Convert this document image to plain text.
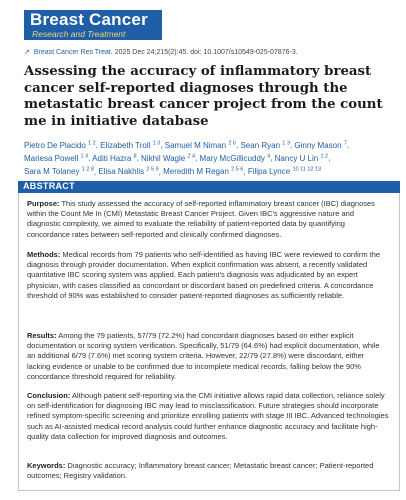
Breast Cancer
Research and Treatment
↗ Breast Cancer Res Treat. 2025 Dec 24;215(2):45. doi: 10.1007/s10549-025-07876-3.
Assessing the accuracy of inflammatory breast cancer self-reported diagnoses through the metastatic breast cancer project from the count me in initiative database
Pietro De Placido $^{1 2}$, Elizabeth Troll $^{1 3}$, Samuel M Niman $^{2 6}$, Sean Ryan $^{1 3}$, Ginny Mason $^7$, Mariesa Powell $^{1 3}$, Aditi Hazra $^8$, Nikhil Wagle $^{2 4}$, Mary McGillicuddy $^4$, Nancy U Lin $^{1 2}$, Sara M Tolaney $^{1 2 8}$, Elisa Nakhlis $^{2 5 9}$, Meredith M Regan $^{2 5 6}$, Filipa Lynce $^{10 11 12 13}$
ABSTRACT

Purpose: This study assessed the accuracy of self-reported inflammatory breast cancer (IBC) diagnoses within the Count Me In (CMI) Metastatic Breast Cancer Project. Given IBC's aggressive nature and diagnostic complexity, we aimed to evaluate the reliability of patient-reported data by quantifying concordance rates between self-reported and clinically confirmed diagnoses.

Methods: Medical records from 79 patients who self-identified as having IBC were reviewed to confirm the diagnosis through provider documentation. When explicit confirmation was absent, a recently validated quantitative IBC scoring system was applied. Each patient's diagnosis was adjudicated by an expert physician, with cases classified as concordant or discordant based on predefined criteria. A concordance threshold of 90% was established to consider patient-reported diagnoses as sufficiently reliable.

Results: Among the 79 patients, 57/79 (72.2%) had concordant diagnoses based on either explicit documentation or scoring system verification. Specifically, 51/79 (64.6%) had explicit documentation, while an additional 6/79 (7.6%) met scoring system criteria. However, 22/79 (27.8%) were discordant, either lacking evidence or unable to be confirmed due to incomplete medical records, falling below the 90% concordance threshold required for reliability.

Conclusion: Although patient self-reporting via the CMI initiative allows rapid data collection, reliance solely on self-identification for diagnosing IBC may lead to misclassification. Future strategies should incorporate refined symptom-specific screening and prioritize enrolling patients with stage III IBC. Advanced technologies such as AI-assisted medical record analysis could further enhance diagnostic accuracy and facilitate high-quality data collection for improved diagnosis and outcomes.

Keywords: Diagnostic accuracy; Inflammatory breast cancer; Metastatic breast cancer; Patient-reported outcomes; Registry validation.
